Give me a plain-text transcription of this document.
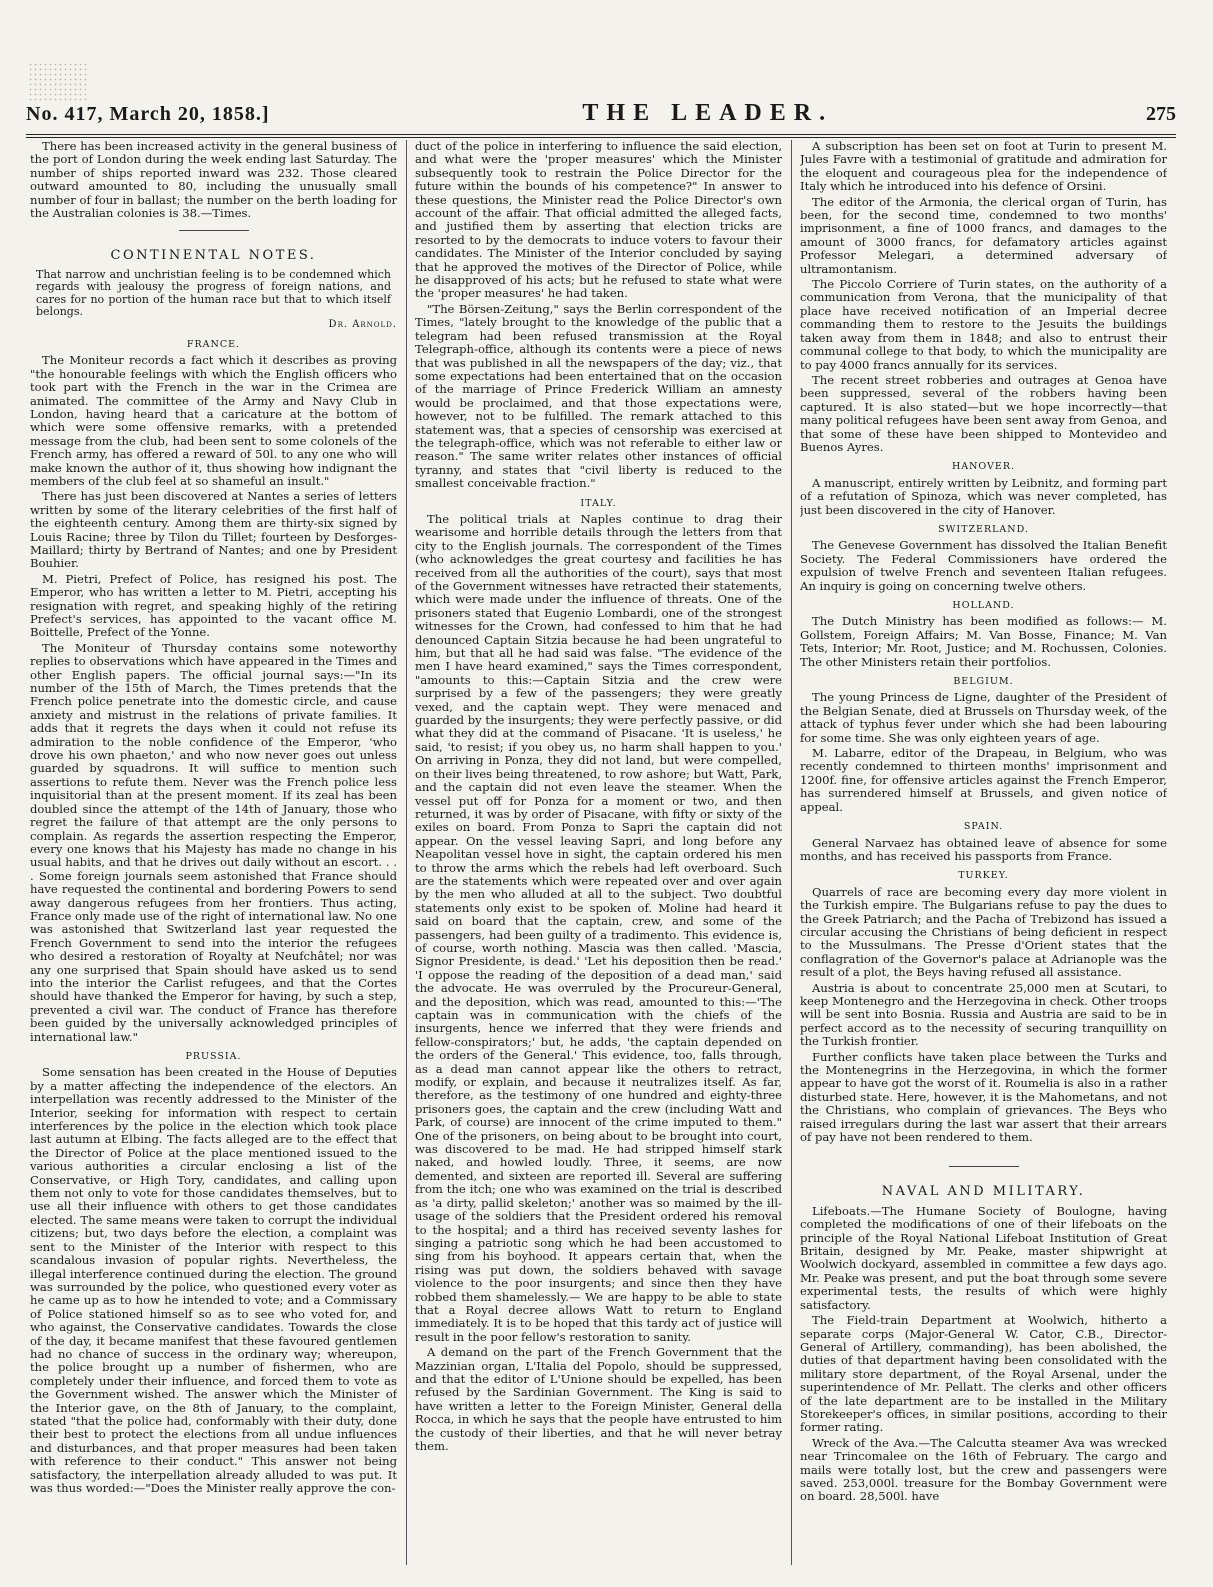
No. 417, March 20, 1858.]	THE LEADER.	275

There has been increased activity in the general business of the port of London during the week ending last Saturday. The number of ships reported inward was 232. Those cleared outward amounted to 80, including the unusually small number of four in ballast; the number on the berth loading for the Australian colonies is 38.—Times.

CONTINENTAL NOTES.

That narrow and unchristian feeling is to be condemned which regards with jealousy the progress of foreign nations, and cares for no portion of the human race but that to which itself belongs.

Dr. Arnold.
FRANCE.

The Moniteur records a fact which it describes as proving "the honourable feelings with which the English officers who took part with the French in the war in the Crimea are animated. The committee of the Army and Navy Club in London, having heard that a caricature at the bottom of which were some offensive remarks, with a pretended message from the club, had been sent to some colonels of the French army, has offered a reward of 50l. to any one who will make known the author of it, thus showing how indignant the members of the club feel at so shameful an insult."

There has just been discovered at Nantes a series of letters written by some of the literary celebrities of the first half of the eighteenth century. Among them are thirty-six signed by Louis Racine; three by Tilon du Tillet; fourteen by Desforges-Maillard; thirty by Bertrand of Nantes; and one by President Bouhier.

M. Pietri, Prefect of Police, has resigned his post. The Emperor, who has written a letter to M. Pietri, accepting his resignation with regret, and speaking highly of the retiring Prefect's services, has appointed to the vacant office M. Boittelle, Prefect of the Yonne.

The Moniteur of Thursday contains some noteworthy replies to observations which have appeared in the Times and other English papers. The official journal says:—"In its number of the 15th of March, the Times pretends that the French police penetrate into the domestic circle, and cause anxiety and mistrust in the relations of private families. It adds that it regrets the days when it could not refuse its admiration to the noble confidence of the Emperor, 'who drove his own phaeton,' and who now never goes out unless guarded by squadrons. It will suffice to mention such assertions to refute them. Never was the French police less inquisitorial than at the present moment. If its zeal has been doubled since the attempt of the 14th of January, those who regret the failure of that attempt are the only persons to complain. As regards the assertion respecting the Emperor, every one knows that his Majesty has made no change in his usual habits, and that he drives out daily without an escort. . . . Some foreign journals seem astonished that France should have requested the continental and bordering Powers to send away dangerous refugees from her frontiers. Thus acting, France only made use of the right of international law. No one was astonished that Switzerland last year requested the French Government to send into the interior the refugees who desired a restoration of Royalty at Neufchâtel; nor was any one surprised that Spain should have asked us to send into the interior the Carlist refugees, and that the Cortes should have thanked the Emperor for having, by such a step, prevented a civil war. The conduct of France has therefore been guided by the universally acknowledged principles of international law."

PRUSSIA.

Some sensation has been created in the House of Deputies by a matter affecting the independence of the electors. An interpellation was recently addressed to the Minister of the Interior, seeking for information with respect to certain interferences by the police in the election which took place last autumn at Elbing. The facts alleged are to the effect that the Director of Police at the place mentioned issued to the various authorities a circular enclosing a list of the Conservative, or High Tory, candidates, and calling upon them not only to vote for those candidates themselves, but to use all their influence with others to get those candidates elected. The same means were taken to corrupt the individual citizens; but, two days before the election, a complaint was sent to the Minister of the Interior with respect to this scandalous invasion of popular rights. Nevertheless, the illegal interference continued during the election. The ground was surrounded by the police, who questioned every voter as he came up as to how he intended to vote; and a Commissary of Police stationed himself so as to see who voted for, and who against, the Conservative candidates. Towards the close of the day, it became manifest that these favoured gentlemen had no chance of success in the ordinary way; whereupon, the police brought up a number of fishermen, who are completely under their influence, and forced them to vote as the Government wished. The answer which the Minister of the Interior gave, on the 8th of January, to the complaint, stated "that the police had, conformably with their duty, done their best to protect the elections from all undue influences and disturbances, and that proper measures had been taken with reference to their conduct." This answer not being satisfactory, the interpellation already alluded to was put. It was thus worded:—"Does the Minister really approve the con-

duct of the police in interfering to influence the said election, and what were the 'proper measures' which the Minister subsequently took to restrain the Police Director for the future within the bounds of his competence?" In answer to these questions, the Minister read the Police Director's own account of the affair. That official admitted the alleged facts, and justified them by asserting that election tricks are resorted to by the democrats to induce voters to favour their candidates. The Minister of the Interior concluded by saying that he approved the motives of the Director of Police, while he disapproved of his acts; but he refused to state what were the 'proper measures' he had taken.

"The Börsen-Zeitung," says the Berlin correspondent of the Times, "lately brought to the knowledge of the public that a telegram had been refused transmission at the Royal Telegraph-office, although its contents were a piece of news that was published in all the newspapers of the day; viz., that some expectations had been entertained that on the occasion of the marriage of Prince Frederick William an amnesty would be proclaimed, and that those expectations were, however, not to be fulfilled. The remark attached to this statement was, that a species of censorship was exercised at the telegraph-office, which was not referable to either law or reason." The same writer relates other instances of official tyranny, and states that "civil liberty is reduced to the smallest conceivable fraction."

ITALY.

The political trials at Naples continue to drag their wearisome and horrible details through the letters from that city to the English journals. The correspondent of the Times (who acknowledges the great courtesy and facilities he has received from all the authorities of the court), says that most of the Government witnesses have retracted their statements, which were made under the influence of threats. One of the prisoners stated that Eugenio Lombardi, one of the strongest witnesses for the Crown, had confessed to him that he had denounced Captain Sitzia because he had been ungrateful to him, but that all he had said was false. "The evidence of the men I have heard examined," says the Times correspondent, "amounts to this:—Captain Sitzia and the crew were surprised by a few of the passengers; they were greatly vexed, and the captain wept. They were menaced and guarded by the insurgents; they were perfectly passive, or did what they did at the command of Pisacane. 'It is useless,' he said, 'to resist; if you obey us, no harm shall happen to you.' On arriving in Ponza, they did not land, but were compelled, on their lives being threatened, to row ashore; but Watt, Park, and the captain did not even leave the steamer. When the vessel put off for Ponza for a moment or two, and then returned, it was by order of Pisacane, with fifty or sixty of the exiles on board. From Ponza to Sapri the captain did not appear. On the vessel leaving Sapri, and long before any Neapolitan vessel hove in sight, the captain ordered his men to throw the arms which the rebels had left overboard. Such are the statements which were repeated over and over again by the men who alluded at all to the subject. Two doubtful statements only exist to be spoken of. Moline had heard it said on board that the captain, crew, and some of the passengers, had been guilty of a tradimento. This evidence is, of course, worth nothing. Mascia was then called. 'Mascia, Signor Presidente, is dead.' 'Let his deposition then be read.' 'I oppose the reading of the deposition of a dead man,' said the advocate. He was overruled by the Procureur-General, and the deposition, which was read, amounted to this:—'The captain was in communication with the chiefs of the insurgents, hence we inferred that they were friends and fellow-conspirators;' but, he adds, 'the captain depended on the orders of the General.' This evidence, too, falls through, as a dead man cannot appear like the others to retract, modify, or explain, and because it neutralizes itself. As far, therefore, as the testimony of one hundred and eighty-three prisoners goes, the captain and the crew (including Watt and Park, of course) are innocent of the crime imputed to them." One of the prisoners, on being about to be brought into court, was discovered to be mad. He had stripped himself stark naked, and howled loudly. Three, it seems, are now demented, and sixteen are reported ill. Several are suffering from the itch; one who was examined on the trial is described as 'a dirty, pallid skeleton;' another was so maimed by the ill-usage of the soldiers that the President ordered his removal to the hospital; and a third has received seventy lashes for singing a patriotic song which he had been accustomed to sing from his boyhood. It appears certain that, when the rising was put down, the soldiers behaved with savage violence to the poor insurgents; and since then they have robbed them shamelessly.— We are happy to be able to state that a Royal decree allows Watt to return to England immediately. It is to be hoped that this tardy act of justice will result in the poor fellow's restoration to sanity.

A demand on the part of the French Government that the Mazzinian organ, L'Italia del Popolo, should be suppressed, and that the editor of L'Unione should be expelled, has been refused by the Sardinian Government. The King is said to have written a letter to the Foreign Minister, General della Rocca, in which he says that the people have entrusted to him the custody of their liberties, and that he will never betray them.

A subscription has been set on foot at Turin to present M. Jules Favre with a testimonial of gratitude and admiration for the eloquent and courageous plea for the independence of Italy which he introduced into his defence of Orsini.

The editor of the Armonia, the clerical organ of Turin, has been, for the second time, condemned to two months' imprisonment, a fine of 1000 francs, and damages to the amount of 3000 francs, for defamatory articles against Professor Melegari, a determined adversary of ultramontanism.

The Piccolo Corriere of Turin states, on the authority of a communication from Verona, that the municipality of that place have received notification of an Imperial decree commanding them to restore to the Jesuits the buildings taken away from them in 1848; and also to entrust their communal college to that body, to which the municipality are to pay 4000 francs annually for its services.

The recent street robberies and outrages at Genoa have been suppressed, several of the robbers having been captured. It is also stated—but we hope incorrectly—that many political refugees have been sent away from Genoa, and that some of these have been shipped to Montevideo and Buenos Ayres.

HANOVER.

A manuscript, entirely written by Leibnitz, and forming part of a refutation of Spinoza, which was never completed, has just been discovered in the city of Hanover.

SWITZERLAND.

The Genevese Government has dissolved the Italian Benefit Society. The Federal Commissioners have ordered the expulsion of twelve French and seventeen Italian refugees. An inquiry is going on concerning twelve others.

HOLLAND.

The Dutch Ministry has been modified as follows:— M. Gollstem, Foreign Affairs; M. Van Bosse, Finance; M. Van Tets, Interior; Mr. Root, Justice; and M. Rochussen, Colonies. The other Ministers retain their portfolios.

BELGIUM.

The young Princess de Ligne, daughter of the President of the Belgian Senate, died at Brussels on Thursday week, of the attack of typhus fever under which she had been labouring for some time. She was only eighteen years of age.

M. Labarre, editor of the Drapeau, in Belgium, who was recently condemned to thirteen months' imprisonment and 1200f. fine, for offensive articles against the French Emperor, has surrendered himself at Brussels, and given notice of appeal.

SPAIN.

General Narvaez has obtained leave of absence for some months, and has received his passports from France.

TURKEY.

Quarrels of race are becoming every day more violent in the Turkish empire. The Bulgarians refuse to pay the dues to the Greek Patriarch; and the Pacha of Trebizond has issued a circular accusing the Christians of being deficient in respect to the Mussulmans. The Presse d'Orient states that the conflagration of the Governor's palace at Adrianople was the result of a plot, the Beys having refused all assistance.

Austria is about to concentrate 25,000 men at Scutari, to keep Montenegro and the Herzegovina in check. Other troops will be sent into Bosnia. Russia and Austria are said to be in perfect accord as to the necessity of securing tranquillity on the Turkish frontier.

Further conflicts have taken place between the Turks and the Montenegrins in the Herzegovina, in which the former appear to have got the worst of it. Roumelia is also in a rather disturbed state. Here, however, it is the Mahometans, and not the Christians, who complain of grievances. The Beys who raised irregulars during the last war assert that their arrears of pay have not been rendered to them.

NAVAL AND MILITARY.

Lifeboats.—The Humane Society of Boulogne, having completed the modifications of one of their lifeboats on the principle of the Royal National Lifeboat Institution of Great Britain, designed by Mr. Peake, master shipwright at Woolwich dockyard, assembled in committee a few days ago. Mr. Peake was present, and put the boat through some severe experimental tests, the results of which were highly satisfactory.

The Field-train Department at Woolwich, hitherto a separate corps (Major-General W. Cator, C.B., Director-General of Artillery, commanding), has been abolished, the duties of that department having been consolidated with the military store department, of the Royal Arsenal, under the superintendence of Mr. Pellatt. The clerks and other officers of the late department are to be installed in the Military Storekeeper's offices, in similar positions, according to their former rating.

Wreck of the Ava.—The Calcutta steamer Ava was wrecked near Trincomalee on the 16th of February. The cargo and mails were totally lost, but the crew and passengers were saved. 253,000l. treasure for the Bombay Government were on board. 28,500l. have
